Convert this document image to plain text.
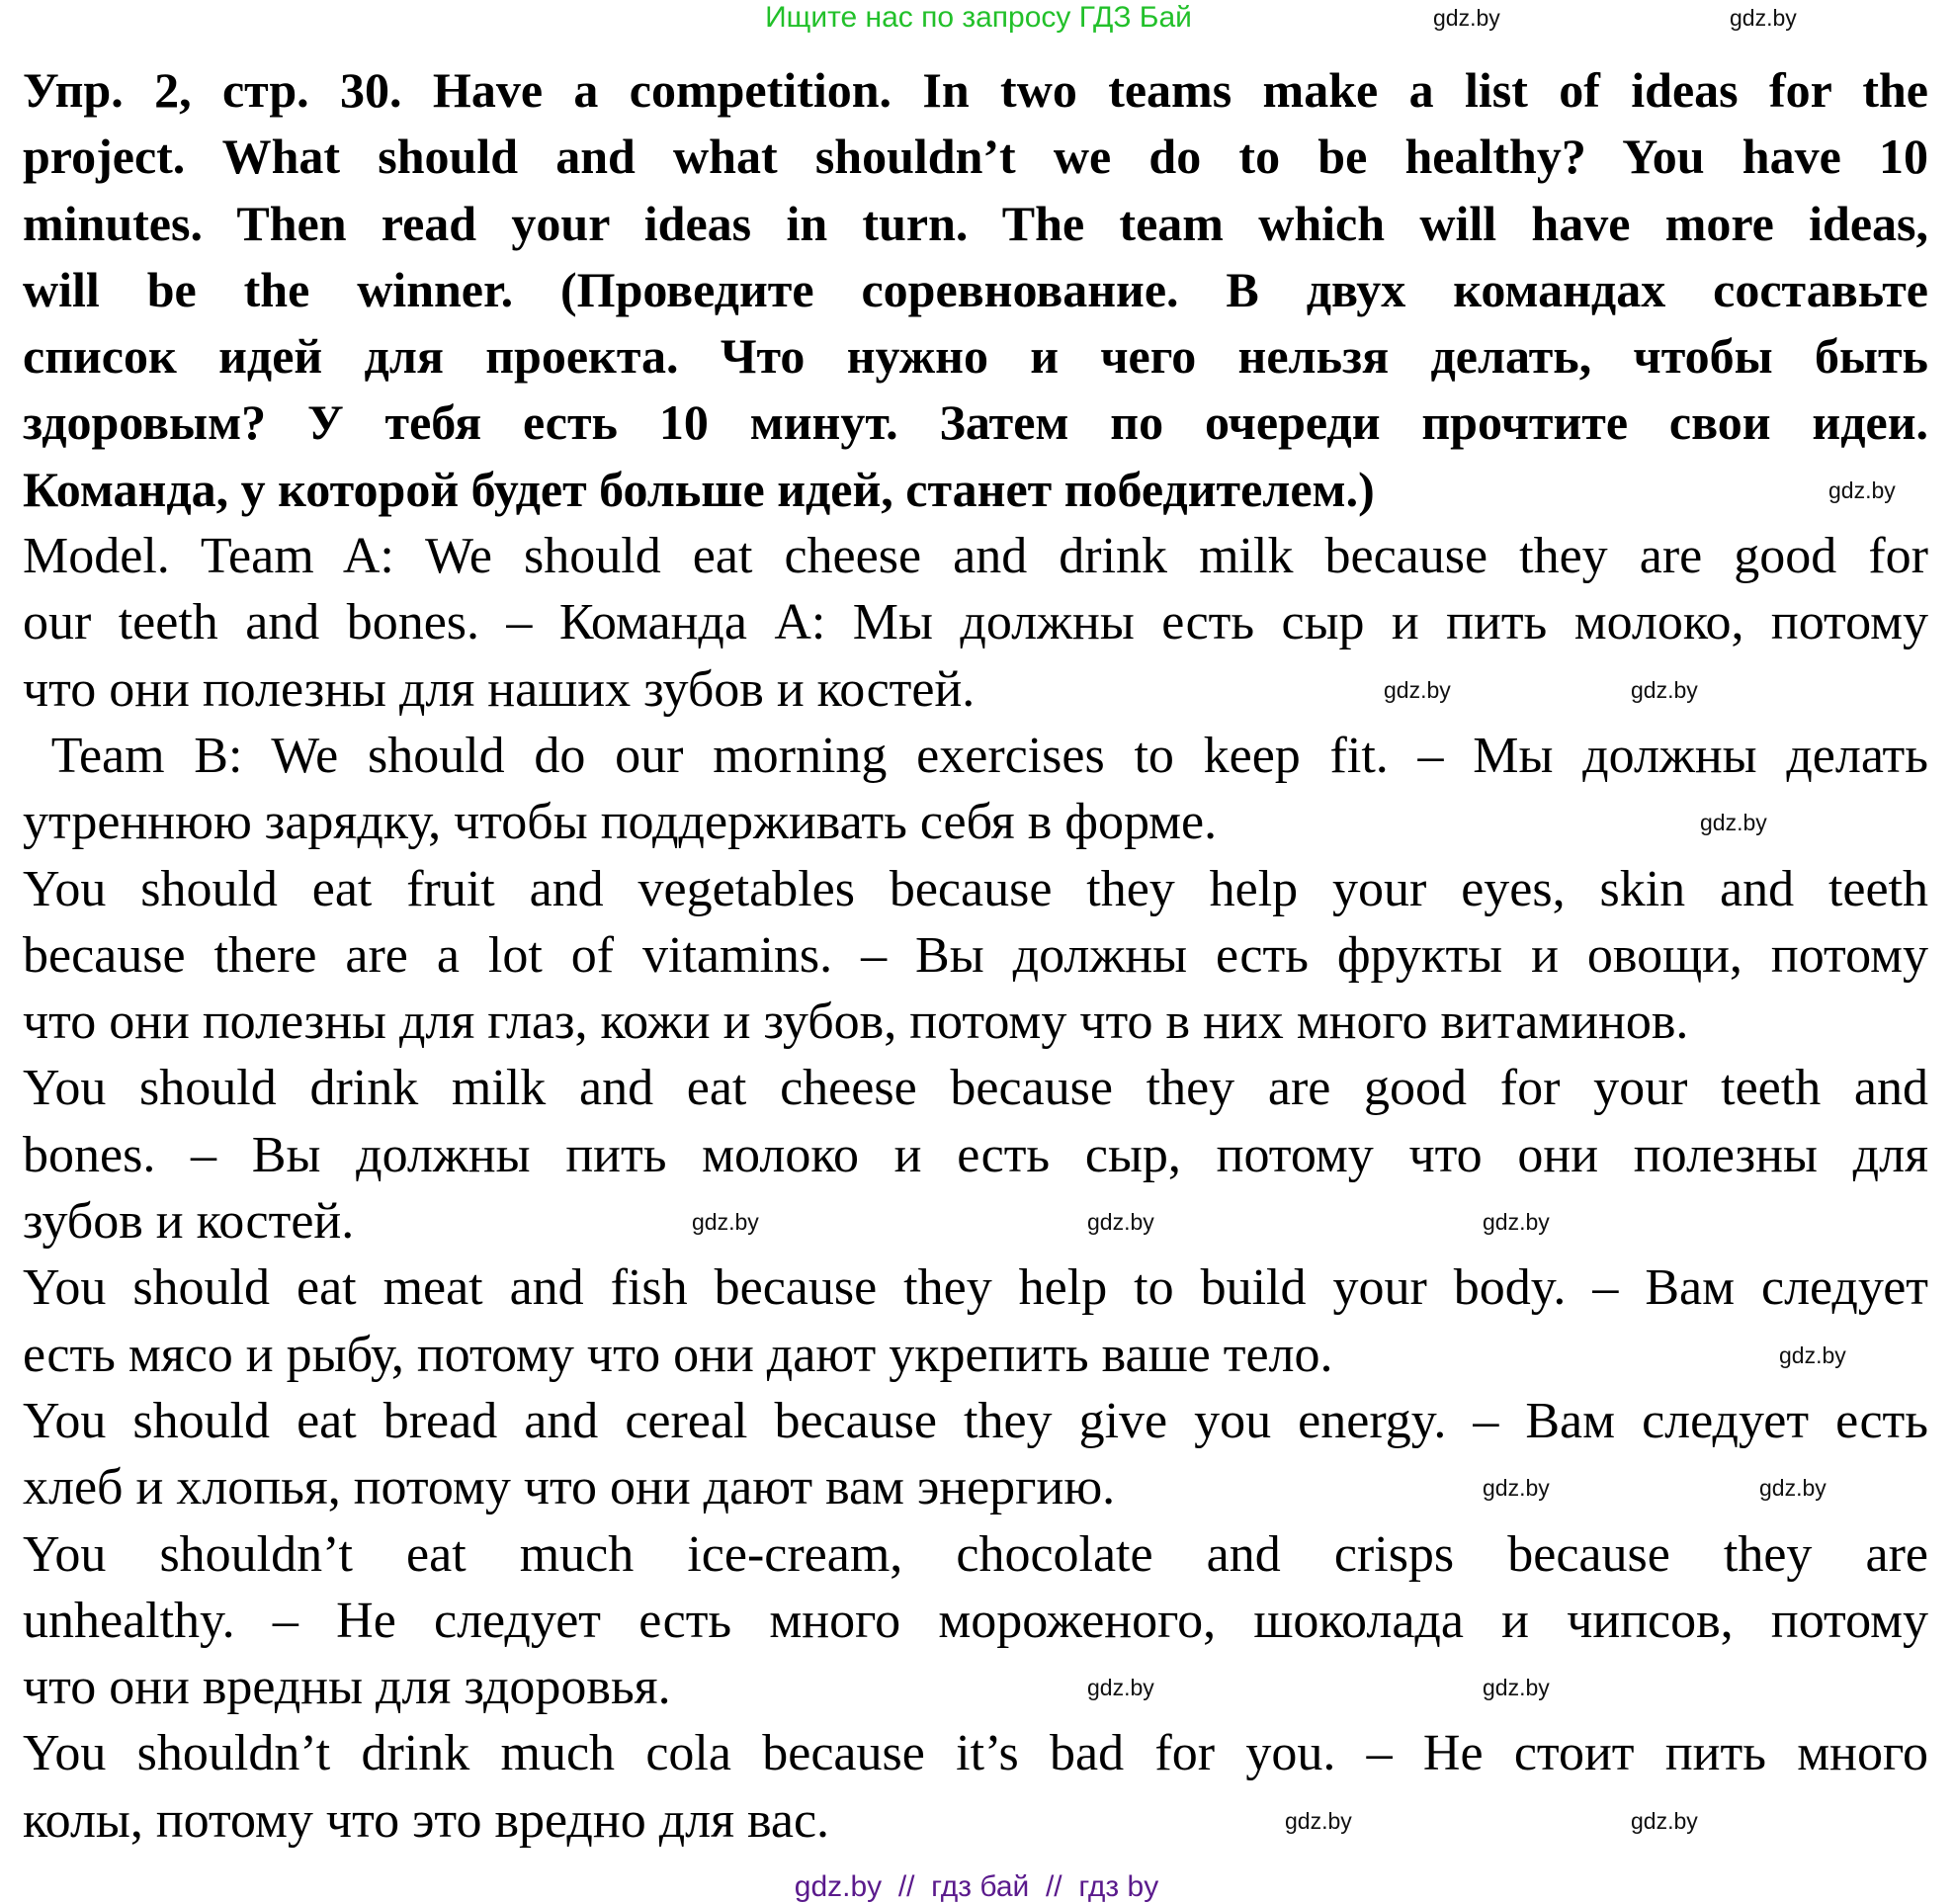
Ищите нас по запросу ГДЗ Бай
Упр. 2, стр. 30. Have a competition. In two teams make a list of ideas for the
project. What should and what shouldn’t we do to be healthy? You have 10
minutes. Then read your ideas in turn. The team which will have more ideas,
will be the winner. (Проведите соревнование. В двух командах составьте
список идей для проекта. Что нужно и чего нельзя делать, чтобы быть
здоровым? У тебя есть 10 минут. Затем по очереди прочтите свои идеи.
Команда, у которой будет больше идей, станет победителем.)
Model. Team A: We should eat cheese and drink milk because they are good for
our teeth and bones. – Команда А: Мы должны есть сыр и пить молоко, потому
что они полезны для наших зубов и костей.
Team B: We should do our morning exercises to keep fit. – Мы должны делать
утреннюю зарядку, чтобы поддерживать себя в форме.
You should eat fruit and vegetables because they help your eyes, skin and teeth
because there are a lot of vitamins. – Вы должны есть фрукты и овощи, потому
что они полезны для глаз, кожи и зубов, потому что в них много витаминов.
You should drink milk and eat cheese because they are good for your teeth and
bones. – Вы должны пить молоко и есть сыр, потому что они полезны для
зубов и костей.
You should eat meat and fish because they help to build your body. – Вам следует
есть мясо и рыбу, потому что они дают укрепить ваше тело.
You should eat bread and cereal because they give you energy. – Вам следует есть
хлеб и хлопья, потому что они дают вам энергию.
You shouldn’t eat much ice-cream, chocolate and crisps because they are
unhealthy. – Не следует есть много мороженого, шоколада и чипсов, потому
что они вредны для здоровья.
You shouldn’t drink much cola because it’s bad for you. – Не стоит пить много
колы, потому что это вредно для вас.
gdz.by	gdz.by
gdz.by
gdz.by	gdz.by
gdz.by
gdz.by	gdz.by	gdz.by
gdz.by
gdz.by	gdz.by
gdz.by	gdz.by
gdz.by	gdz.by
gdz.by  //  гдз бай  //  гдз by
